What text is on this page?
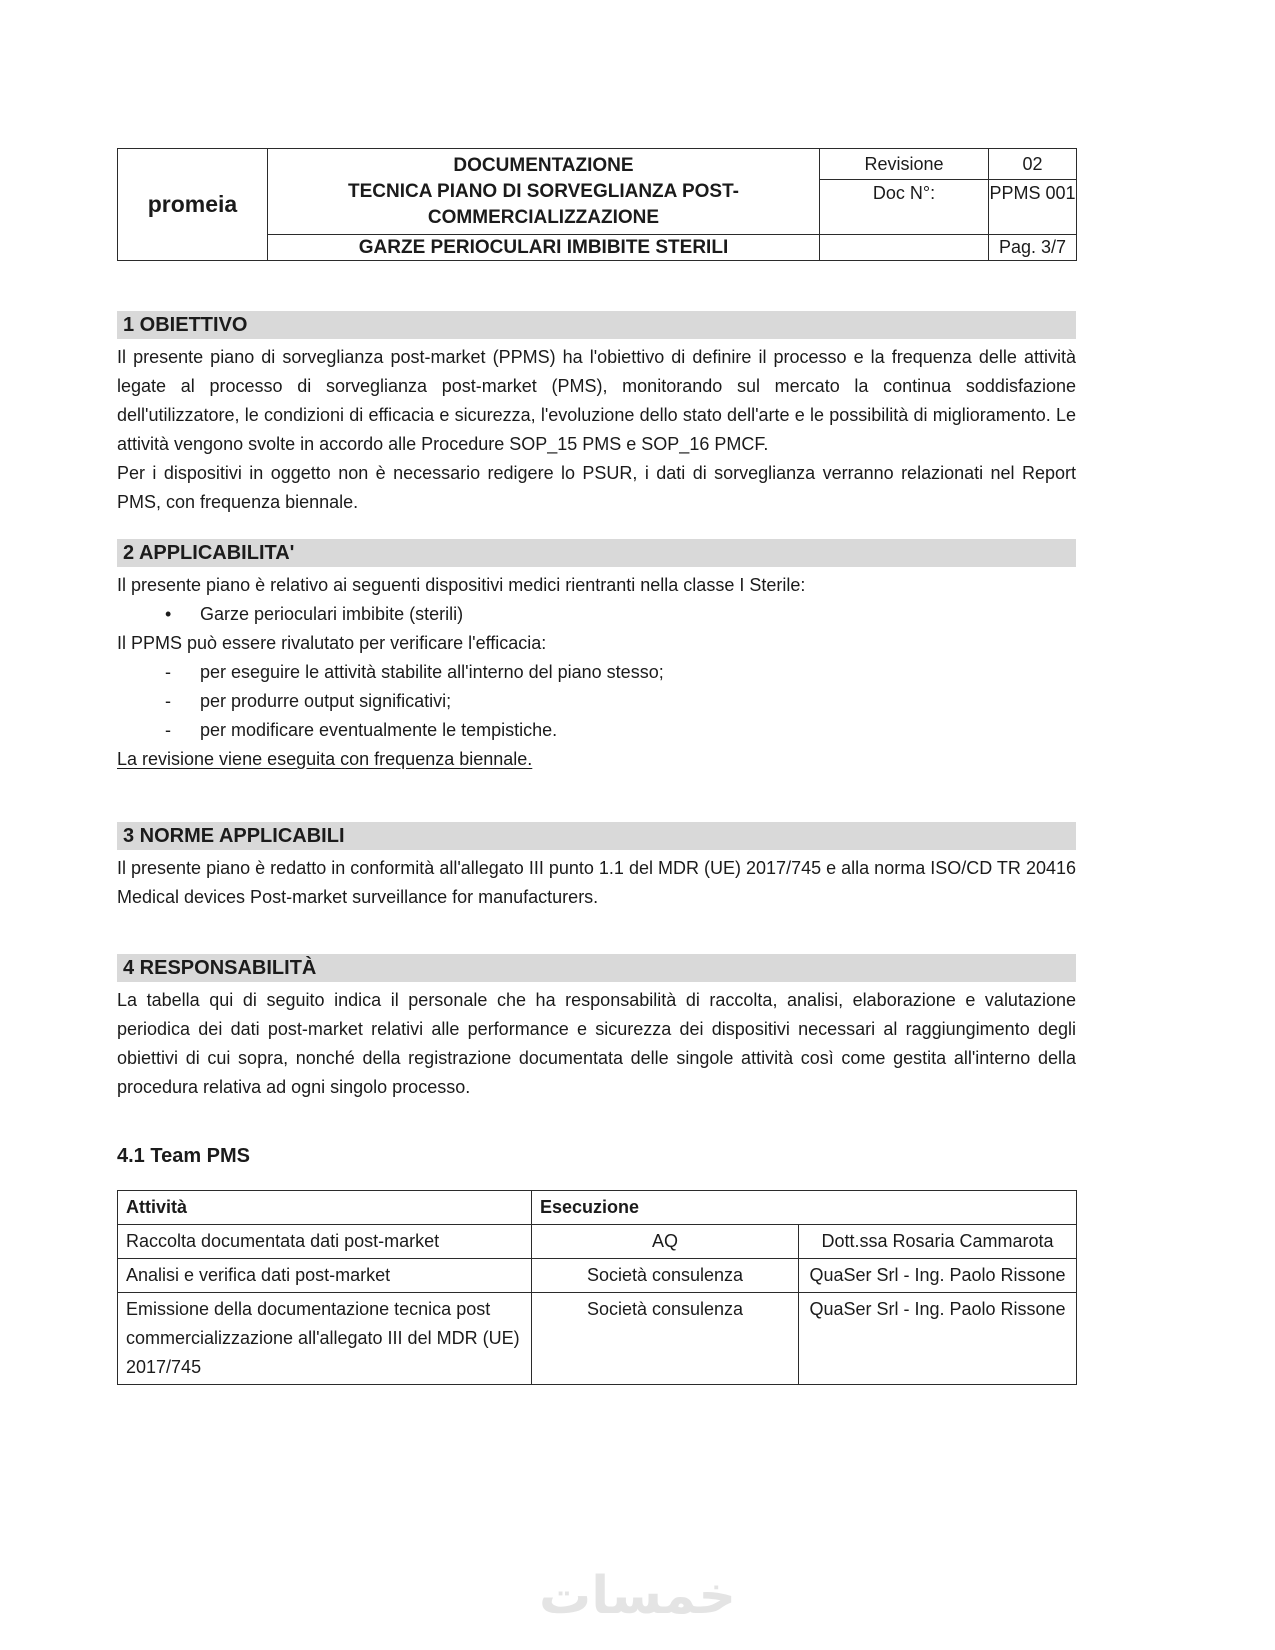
promeia	DOCUMENTAZIONE
TECNICA PIANO DI SORVEGLIANZA POST-
COMMERCIALIZZAZIONE	Revisione	02
		Doc N°:	PPMS 001
	GARZE PERIOCULARI IMBIBITE STERILI		Pag. 3/7
1 OBIETTIVO

Il presente piano di sorveglianza post-market (PPMS) ha l'obiettivo di definire il processo e la frequenza delle attività legate al processo di sorveglianza post-market (PMS), monitorando sul mercato la continua soddisfazione dell'utilizzatore, le condizioni di efficacia e sicurezza, l'evoluzione dello stato dell'arte e le possibilità di miglioramento. Le attività vengono svolte in accordo alle Procedure SOP_15 PMS e SOP_16 PMCF.

Per i dispositivi in oggetto non è necessario redigere lo PSUR, i dati di sorveglianza verranno relazionati nel Report PMS, con frequenza biennale.

2 APPLICABILITA'
Il presente piano è relativo ai seguenti dispositivi medici rientranti nella classe I Sterile:
•	Garze perioculari imbibite (sterili)
Il PPMS può essere rivalutato per verificare l'efficacia:
-	per eseguire le attività stabilite all'interno del piano stesso;
-	per produrre output significativi;
-	per modificare eventualmente le tempistiche.
La revisione viene eseguita con frequenza biennale.
3 NORME APPLICABILI

Il presente piano è redatto in conformità all'allegato III punto 1.1 del MDR (UE) 2017/745 e alla norma ISO/CD TR 20416 Medical devices Post-market surveillance for manufacturers.

4 RESPONSABILITÀ

La tabella qui di seguito indica il personale che ha responsabilità di raccolta, analisi, elaborazione e valutazione periodica dei dati post-market relativi alle performance e sicurezza dei dispositivi necessari al raggiungimento degli obiettivi di cui sopra, nonché della registrazione documentata delle singole attività così come gestita all'interno della procedura relativa ad ogni singolo processo.

4.1 Team PMS
Attività	Esecuzione	
Raccolta documentata dati post-market	AQ	Dott.ssa Rosaria Cammarota
Analisi e verifica dati post-market	Società consulenza	QuaSer Srl - Ing. Paolo Rissone
Emissione della documentazione tecnica post commercializzazione all'allegato III del MDR (UE) 2017/745	Società consulenza	QuaSer Srl - Ing. Paolo Rissone
خمسات
